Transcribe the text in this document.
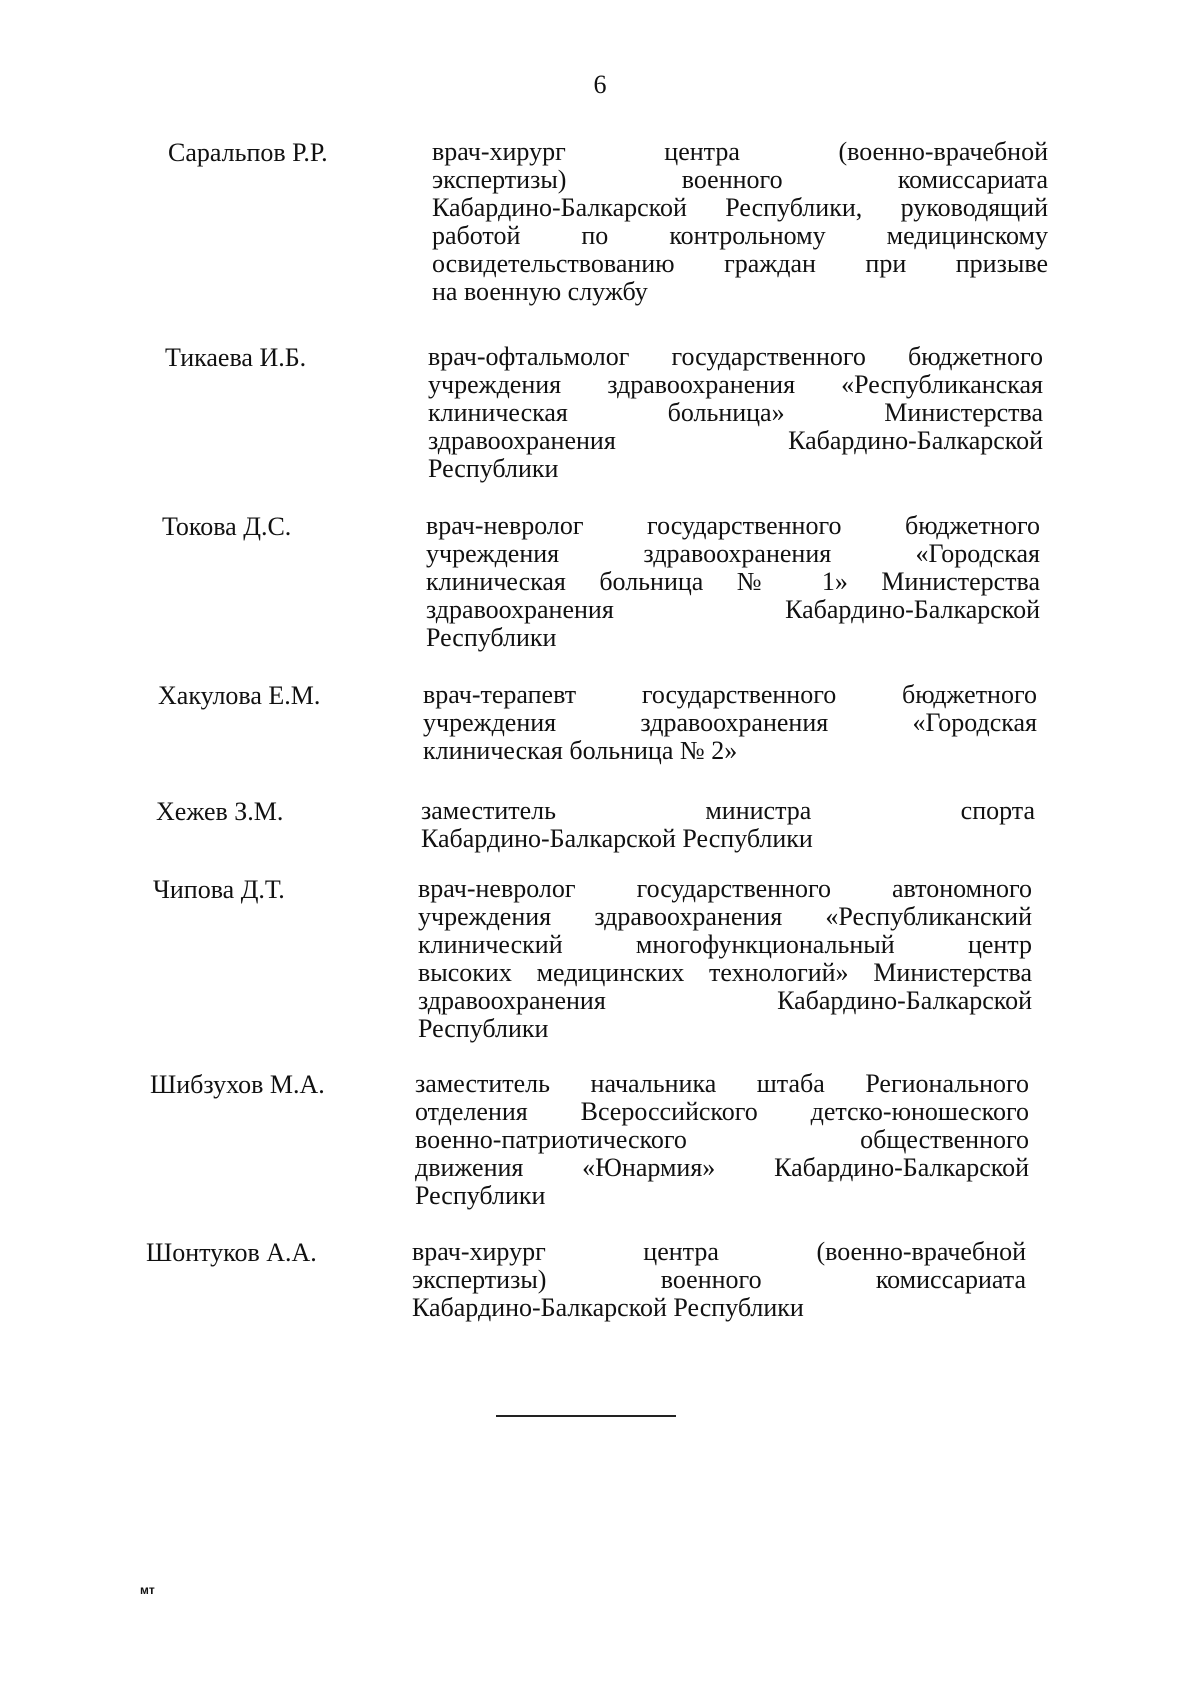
6
Саральпов Р.Р.	врач-хирург центра (военно-врачебной
экспертизы) военного комиссариата
Кабардино-Балкарской Республики, руководящий
работой по контрольному медицинскому
освидетельствованию граждан при призыве
на военную службу
Тикаева И.Б.	врач-офтальмолог государственного бюджетного
учреждения здравоохранения «Республиканская
клиническая больница» Министерства
здравоохранения Кабардино-Балкарской
Республики
Токова Д.С.	врач-невролог государственного бюджетного
учреждения здравоохранения «Городская
клиническая больница № 1» Министерства
здравоохранения Кабардино-Балкарской
Республики
Хакулова Е.М.	врач-терапевт государственного бюджетного
учреждения здравоохранения «Городская
клиническая больница № 2»
Хежев З.М.	заместитель министра спорта
Кабардино-Балкарской Республики
Чипова Д.Т.	врач-невролог государственного автономного
учреждения здравоохранения «Республиканский
клинический многофункциональный центр
высоких медицинских технологий» Министерства
здравоохранения Кабардино-Балкарской
Республики
Шибзухов М.А.	заместитель начальника штаба Регионального
отделения Всероссийского детско-юношеского
военно-патриотического общественного
движения «Юнармия» Кабардино-Балкарской
Республики
Шонтуков А.А.	врач-хирург центра (военно-врачебной
экспертизы) военного комиссариата
Кабардино-Балкарской Республики
мт
